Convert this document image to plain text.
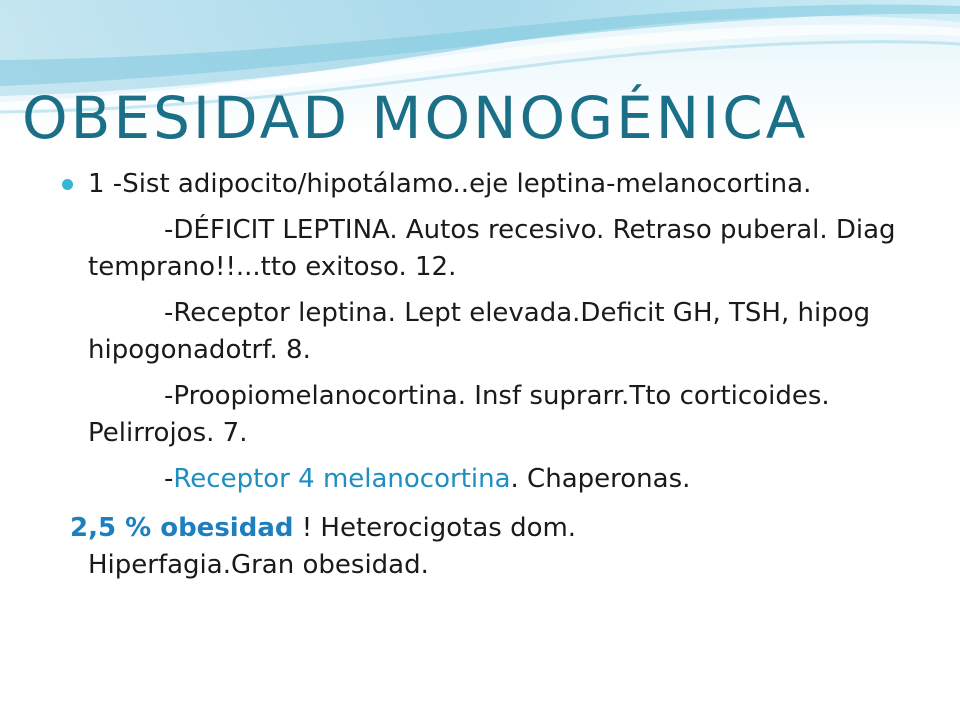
OBESIDAD MONOGÉNICA
1 -Sist adipocito/hipotálamo..eje leptina-melanocortina.
-DÉFICIT LEPTINA. Autos recesivo. Retraso puberal. Diag temprano!!...tto exitoso. 12.
-Receptor leptina. Lept elevada.Deficit GH, TSH, hipog hipogonadotrf. 8.
-Proopiomelanocortina. Insf suprarr.Tto corticoides. Pelirrojos. 7.
-Receptor 4 melanocortina. Chaperonas.
2,5 % obesidad ! Heterocigotas dom.
Hiperfagia.Gran obesidad.
